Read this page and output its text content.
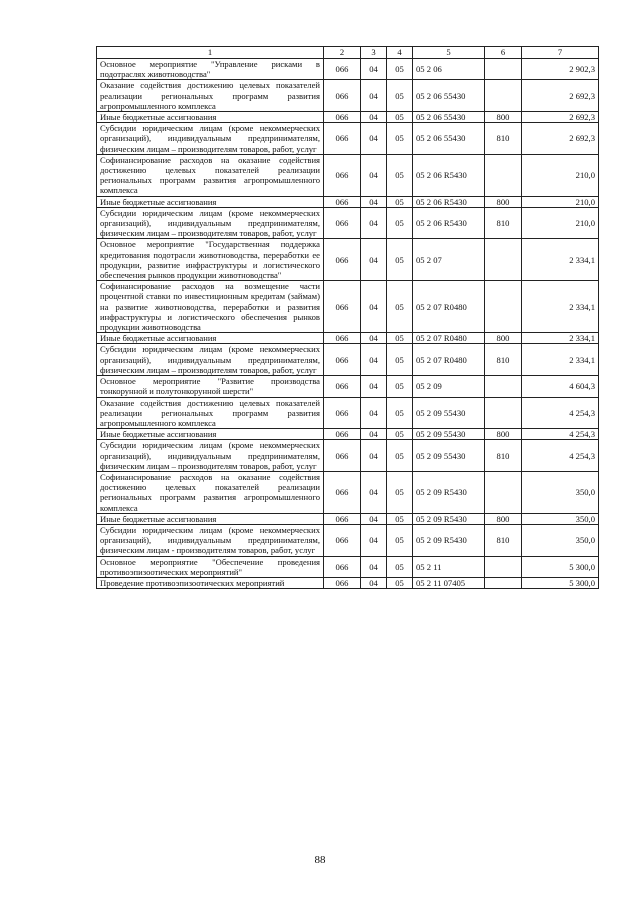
1	2	3	4	5	6	7
Основное мероприятие "Управление рисками в подотраслях животноводства"	066	04	05	05 2 06		2 902,3
Оказание содействия достижению целевых показателей реализации региональных программ развития агропромышленного комплекса	066	04	05	05 2 06 55430		2 692,3
Иные бюджетные ассигнования	066	04	05	05 2 06 55430	800	2 692,3
Субсидии юридическим лицам (кроме некоммерческих организаций), индивидуальным предпринимателям, физическим лицам – производителям товаров, работ, услуг	066	04	05	05 2 06 55430	810	2 692,3
Софинансирование расходов на оказание содействия достижению целевых показателей реализации региональных программ развития агропромышленного комплекса	066	04	05	05 2 06 R5430		210,0
Иные бюджетные ассигнования	066	04	05	05 2 06 R5430	800	210,0
Субсидии юридическим лицам (кроме некоммерческих организаций), индивидуальным предпринимателям, физическим лицам – производителям товаров, работ, услуг	066	04	05	05 2 06 R5430	810	210,0
Основное мероприятие "Государственная поддержка кредитования подотрасли животноводства, переработки ее продукции, развитие инфраструктуры и логистического обеспечения рынков продукции животноводства"	066	04	05	05 2 07		2 334,1
Софинансирование расходов на возмещение части процентной ставки по инвестиционным кредитам (займам) на развитие животноводства, переработки и развития инфраструктуры и логистического обеспечения рынков продукции животноводства	066	04	05	05 2 07 R0480		2 334,1
Иные бюджетные ассигнования	066	04	05	05 2 07 R0480	800	2 334,1
Субсидии юридическим лицам (кроме некоммерческих организаций), индивидуальным предпринимателям, физическим лицам – производителям товаров, работ, услуг	066	04	05	05 2 07 R0480	810	2 334,1
Основное мероприятие "Развитие производства тонкорунной и полутонкорунной шерсти"	066	04	05	05 2 09		4 604,3
Оказание содействия достижению целевых показателей реализации региональных программ развития агропромышленного комплекса	066	04	05	05 2 09 55430		4 254,3
Иные бюджетные ассигнования	066	04	05	05 2 09 55430	800	4 254,3
Субсидии юридическим лицам (кроме некоммерческих организаций), индивидуальным предпринимателям, физическим лицам – производителям товаров, работ, услуг	066	04	05	05 2 09 55430	810	4 254,3
Софинансирование расходов на оказание содействия достижению целевых показателей реализации региональных программ развития агропромышленного комплекса	066	04	05	05 2 09 R5430		350,0
Иные бюджетные ассигнования	066	04	05	05 2 09 R5430	800	350,0
Субсидии юридическим лицам (кроме некоммерческих организаций), индивидуальным предпринимателям, физическим лицам - производителям товаров, работ, услуг	066	04	05	05 2 09 R5430	810	350,0
Основное мероприятие "Обеспечение проведения противоэпизоотических мероприятий"	066	04	05	05 2 11		5 300,0
Проведение противоэпизоотических мероприятий	066	04	05	05 2 11 07405		5 300,0
88
